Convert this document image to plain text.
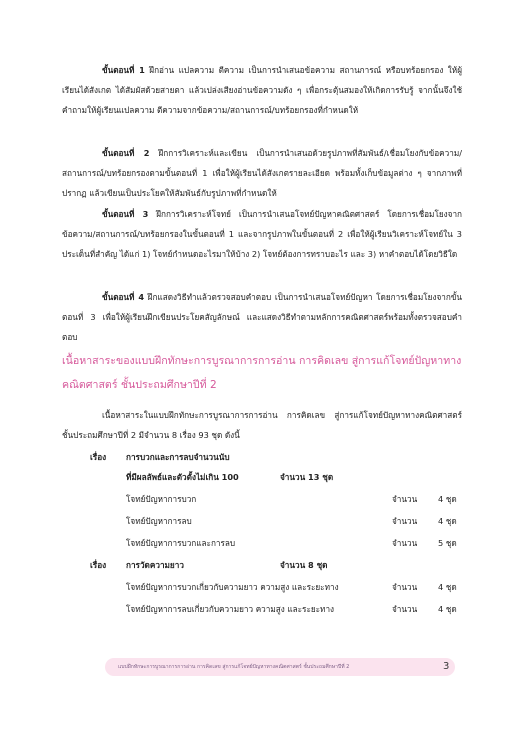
ขั้นตอนที่ 1 ฝึกอ่าน แปลความ ตีความ เป็นการนำเสนอข้อความ สถานการณ์ หรือบทร้อยกรอง ให้ผู้เรียนได้สังเกต ได้สัมผัสด้วยสายตา แล้วเปล่งเสียงอ่านข้อความดัง ๆ เพื่อกระตุ้นสมองให้เกิดการรับรู้ จากนั้นจึงใช้คำถามให้ผู้เรียนแปลความ ตีความจากข้อความ/สถานการณ์/บทร้อยกรองที่กำหนดให้
ขั้นตอนที่ 2 ฝึกการวิเคราะห์และเขียน เป็นการนำเสนอด้วยรูปภาพที่สัมพันธ์/เชื่อมโยงกับข้อความ/สถานการณ์/บทร้อยกรองตามขั้นตอนที่ 1 เพื่อให้ผู้เรียนได้สังเกตรายละเอียด พร้อมทั้งเก็บข้อมูลต่าง ๆ จากภาพที่ปรากฏ แล้วเขียนเป็นประโยคให้สัมพันธ์กับรูปภาพที่กำหนดให้
ขั้นตอนที่ 3 ฝึกการวิเคราะห์โจทย์ เป็นการนำเสนอโจทย์ปัญหาคณิตศาสตร์ โดยการเชื่อมโยงจากข้อความ/สถานการณ์/บทร้อยกรองในขั้นตอนที่ 1 และจากรูปภาพในขั้นตอนที่ 2 เพื่อให้ผู้เรียนวิเคราะห์โจทย์ใน 3 ประเด็นที่สำคัญ ได้แก่ 1) โจทย์กำหนดอะไรมาให้บ้าง 2) โจทย์ต้องการทราบอะไร และ 3) หาคำตอบได้โดยวิธีใด
ขั้นตอนที่ 4 ฝึกแสดงวิธีทำแล้วตรวจสอบคำตอบ เป็นการนำเสนอโจทย์ปัญหา โดยการเชื่อมโยงจากขั้นตอนที่ 3 เพื่อให้ผู้เรียนฝึกเขียนประโยคสัญลักษณ์ และแสดงวิธีทำตามหลักการคณิตศาสตร์พร้อมทั้งตรวจสอบคำตอบ
เนื้อหาสาระของแบบฝึกทักษะการบูรณาการการอ่าน การคิดเลข สู่การแก้โจทย์ปัญหาทางคณิตศาสตร์ ชั้นประถมศึกษาปีที่ 2
เนื้อหาสาระในแบบฝึกทักษะการบูรณาการการอ่าน การคิดเลข สู่การแก้โจทย์ปัญหาทางคณิตศาสตร์ ชั้นประถมศึกษาปีที่ 2 มีจำนวน 8 เรื่อง 93 ชุด ดังนี้
เรื่อง การบวกและการลบจำนวนนับ
ที่มีผลลัพธ์และตัวตั้งไม่เกิน 100	จำนวน 13 ชุด
โจทย์ปัญหาการบวก	จำนวน	4 ชุด
โจทย์ปัญหาการลบ	จำนวน	4 ชุด
โจทย์ปัญหาการบวกและการลบ	จำนวน	5 ชุด
เรื่อง การวัดความยาว	จำนวน 8 ชุด
โจทย์ปัญหาการบวกเกี่ยวกับความยาว ความสูง และระยะทาง	จำนวน	4 ชุด
โจทย์ปัญหาการลบเกี่ยวกับความยาว ความสูง และระยะทาง	จำนวน	4 ชุด
แบบฝึกทักษะการบูรณาการการอ่าน การคิดเลข สู่การแก้โจทย์ปัญหาทางคณิตศาสตร์ ชั้นประถมศึกษาปีที่ 2	3
